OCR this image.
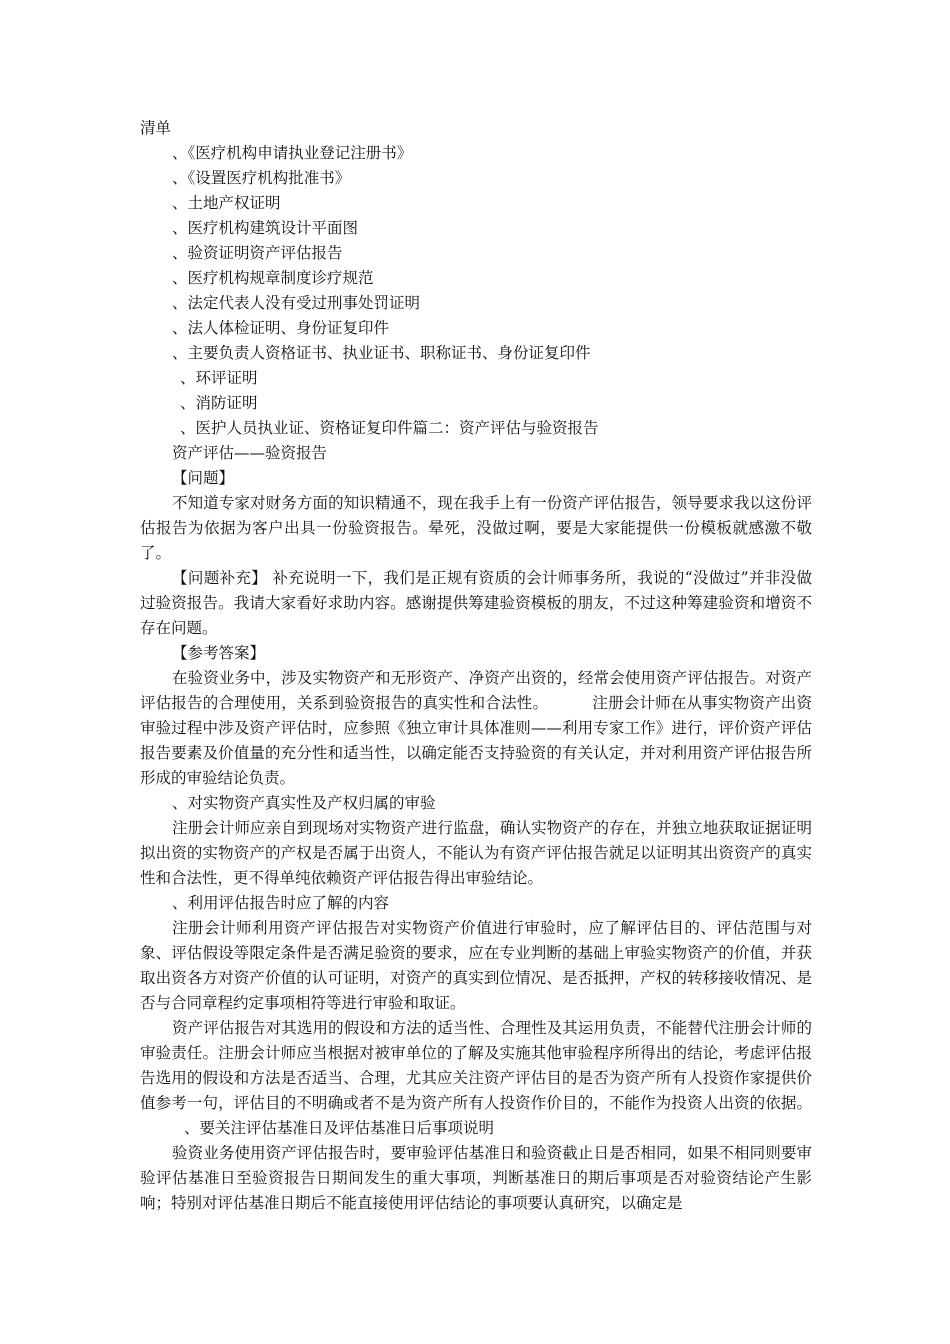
清单
、《医疗机构申请执业登记注册书》
、《设置医疗机构批准书》
、土地产权证明
、医疗机构建筑设计平面图
、验资证明资产评估报告
、医疗机构规章制度诊疗规范
、法定代表人没有受过刑事处罚证明
、法人体检证明、身份证复印件
、主要负责人资格证书、执业证书、职称证书、身份证复印件
、环评证明
、消防证明
、医护人员执业证、资格证复印件篇二：资产评估与验资报告
资产评估——验资报告
【问题】
不知道专家对财务方面的知识精通不，现在我手上有一份资产评估报告，领导要求我以这份评估报告为依据为客户出具一份验资报告。晕死，没做过啊，要是大家能提供一份模板就感激不敬了。
【问题补充】 补充说明一下，我们是正规有资质的会计师事务所，我说的“没做过”并非没做过验资报告。我请大家看好求助内容。感谢提供筹建验资模板的朋友，不过这种筹建验资和增资不存在问题。
【参考答案】
在验资业务中，涉及实物资产和无形资产、净资产出资的，经常会使用资产评估报告。对资产评估报告的合理使用，关系到验资报告的真实性和合法性。	注册会计师在从事实物资产出资审验过程中涉及资产评估时，应参照《独立审计具体准则——利用专家工作》进行，评价资产评估报告要素及价值量的充分性和适当性，以确定能否支持验资的有关认定，并对利用资产评估报告所形成的审验结论负责。
、对实物资产真实性及产权归属的审验
注册会计师应亲自到现场对实物资产进行监盘，确认实物资产的存在，并独立地获取证据证明拟出资的实物资产的产权是否属于出资人，不能认为有资产评估报告就足以证明其出资资产的真实性和合法性，更不得单纯依赖资产评估报告得出审验结论。
、利用评估报告时应了解的内容
注册会计师利用资产评估报告对实物资产价值进行审验时，应了解评估目的、评估范围与对象、评估假设等限定条件是否满足验资的要求，应在专业判断的基础上审验实物资产的价值，并获取出资各方对资产价值的认可证明，对资产的真实到位情况、是否抵押，产权的转移接收情况、是否与合同章程约定事项相符等进行审验和取证。
资产评估报告对其选用的假设和方法的适当性、合理性及其运用负责，不能替代注册会计师的审验责任。注册会计师应当根据对被审单位的了解及实施其他审验程序所得出的结论，考虑评估报告选用的假设和方法是否适当、合理，尤其应关注资产评估目的是否为资产所有人投资作家提供价值参考一句，评估目的不明确或者不是为资产所有人投资作价目的，不能作为投资人出资的依据。、要关注评估基准日及评估基准日后事项说明
验资业务使用资产评估报告时，要审验评估基准日和验资截止日是否相同，如果不相同则要审验评估基准日至验资报告日期间发生的重大事项，判断基准日的期后事项是否对验资结论产生影响；特别对评估基准日期后不能直接使用评估结论的事项要认真研究，以确定是
